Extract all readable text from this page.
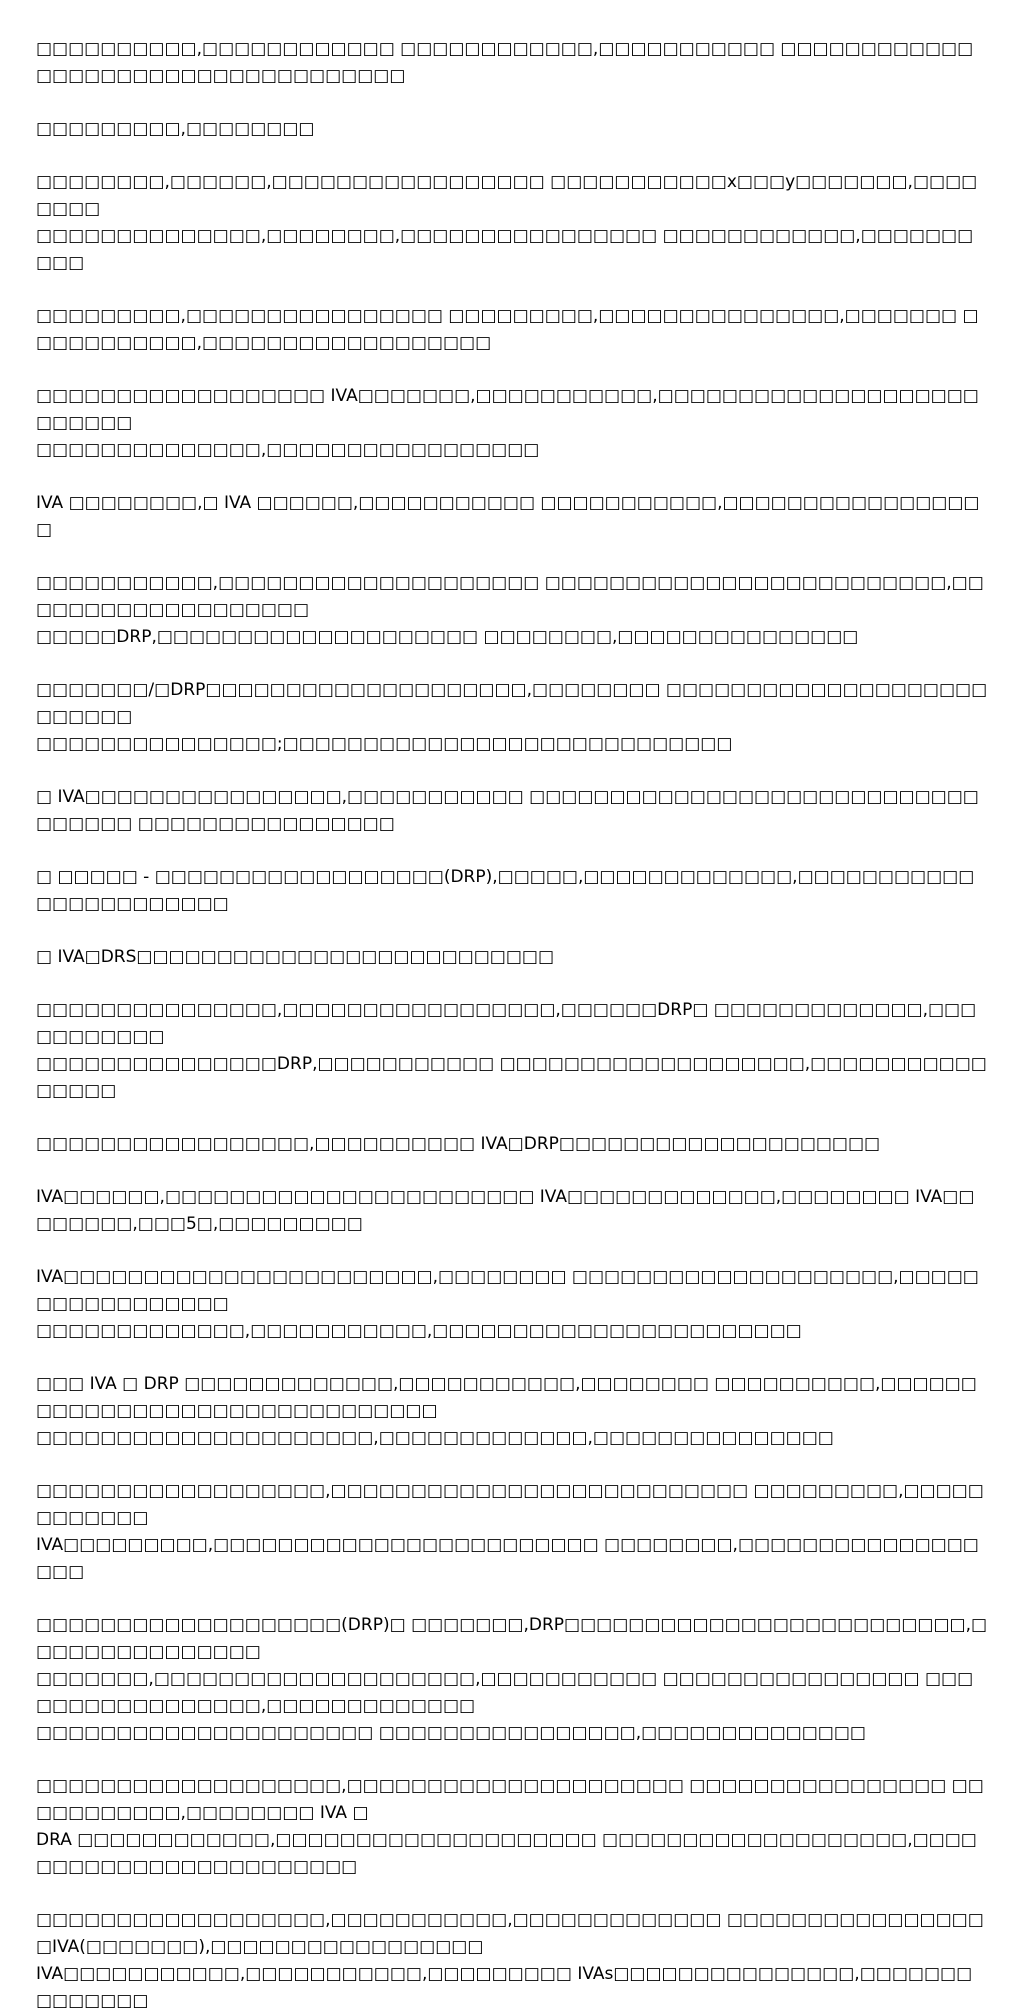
□□□□□□□□□□,□□□□□□□□□□□□ □□□□□□□□□□□□,□□□□□□□□□□□ □□□□□□□□□□□□□□□□□□□□□□□□□□□□□□□□□□□

□□□□□□□□□,□□□□□□□□

□□□□□□□□,□□□□□□,□□□□□□□□□□□□□□□□□ □□□□□□□□□□□x□□□y□□□□□□□,□□□□□□□□
□□□□□□□□□□□□□□,□□□□□□□□,□□□□□□□□□□□□□□□□ □□□□□□□□□□□□,□□□□□□□□□□

□□□□□□□□□,□□□□□□□□□□□□□□□□ □□□□□□□□□,□□□□□□□□□□□□□□□,□□□□□□□ □□□□□□□□□□□,□□□□□□□□□□□□□□□□□□

□□□□□□□□□□□□□□□□□□ IVA□□□□□□□,□□□□□□□□□□□,□□□□□□□□□□□□□□□□□□□□□□□□□□
□□□□□□□□□□□□□□,□□□□□□□□□□□□□□□□□

IVA □□□□□□□□,□ IVA □□□□□□,□□□□□□□□□□□ □□□□□□□□□□□,□□□□□□□□□□□□□□□□□

□□□□□□□□□□□,□□□□□□□□□□□□□□□□□□□□ □□□□□□□□□□□□□□□□□□□□□□□□□,□□□□□□□□□□□□□□□□□□□
□□□□□DRP,□□□□□□□□□□□□□□□□□□□□ □□□□□□□□,□□□□□□□□□□□□□□□

□□□□□□□/□DRP□□□□□□□□□□□□□□□□□□□□,□□□□□□□□ □□□□□□□□□□□□□□□□□□□□□□□□□□
□□□□□□□□□□□□□□□;□□□□□□□□□□□□□□□□□□□□□□□□□□□□

□ IVA□□□□□□□□□□□□□□□□,□□□□□□□□□□□ □□□□□□□□□□□□□□□□□□□□□□□□□□□□□□□□□□ □□□□□□□□□□□□□□□□

□ □□□□□ - □□□□□□□□□□□□□□□□□□(DRP),□□□□□,□□□□□□□□□□□□□,□□□□□□□□□□□□□□□□□□□□□□□

□ IVA□DRS□□□□□□□□□□□□□□□□□□□□□□□□□□

□□□□□□□□□□□□□□□,□□□□□□□□□□□□□□□□□,□□□□□□DRP□ □□□□□□□□□□□□□,□□□□□□□□□□□
□□□□□□□□□□□□□□□DRP,□□□□□□□□□□□ □□□□□□□□□□□□□□□□□□□,□□□□□□□□□□□□□□□□

□□□□□□□□□□□□□□□□□,□□□□□□□□□□ IVA□DRP□□□□□□□□□□□□□□□□□□□□

IVA□□□□□□,□□□□□□□□□□□□□□□□□□□□□□□ IVA□□□□□□□□□□□□□,□□□□□□□□ IVA□□□□□□□□,□□□5□,□□□□□□□□□

IVA□□□□□□□□□□□□□□□□□□□□□□□,□□□□□□□□ □□□□□□□□□□□□□□□□□□□□,□□□□□□□□□□□□□□□□□
□□□□□□□□□□□□□,□□□□□□□□□□□,□□□□□□□□□□□□□□□□□□□□□□□

□□□ IVA □ DRP □□□□□□□□□□□□□,□□□□□□□□□□□,□□□□□□□□ □□□□□□□□□□,□□□□□□□□□□□□□□□□□□□□□□□□□□□□□□□
□□□□□□□□□□□□□□□□□□□□□,□□□□□□□□□□□□□,□□□□□□□□□□□□□□□

□□□□□□□□□□□□□□□□□□,□□□□□□□□□□□□□□□□□□□□□□□□□□ □□□□□□□□□,□□□□□□□□□□□□
IVA□□□□□□□□□,□□□□□□□□□□□□□□□□□□□□□□□□ □□□□□□□□,□□□□□□□□□□□□□□□□□□

□□□□□□□□□□□□□□□□□□□(DRP)□ □□□□□□□,DRP□□□□□□□□□□□□□□□□□□□□□□□□□,□□□□□□□□□□□□□□□
□□□□□□□,□□□□□□□□□□□□□□□□□□□□,□□□□□□□□□□□ □□□□□□□□□□□□□□□□ □□□□□□□□□□□□□□□□□,□□□□□□□□□□□□□
□□□□□□□□□□□□□□□□□□□□□ □□□□□□□□□□□□□□□□,□□□□□□□□□□□□□□

□□□□□□□□□□□□□□□□□□□,□□□□□□□□□□□□□□□□□□□□□ □□□□□□□□□□□□□□□□ □□□□□□□□□□□,□□□□□□□□ IVA □
DRA □□□□□□□□□□□□,□□□□□□□□□□□□□□□□□□□□ □□□□□□□□□□□□□□□□□□□,□□□□□□□□□□□□□□□□□□□□□□□□

□□□□□□□□□□□□□□□□□□,□□□□□□□□□□□,□□□□□□□□□□□□□ □□□□□□□□□□□□□□□□□IVA(□□□□□□□),□□□□□□□□□□□□□□□□□
IVA□□□□□□□□□□□,□□□□□□□□□□□,□□□□□□□□□ IVAs□□□□□□□□□□□□□□□,□□□□□□□□□□□□□□
